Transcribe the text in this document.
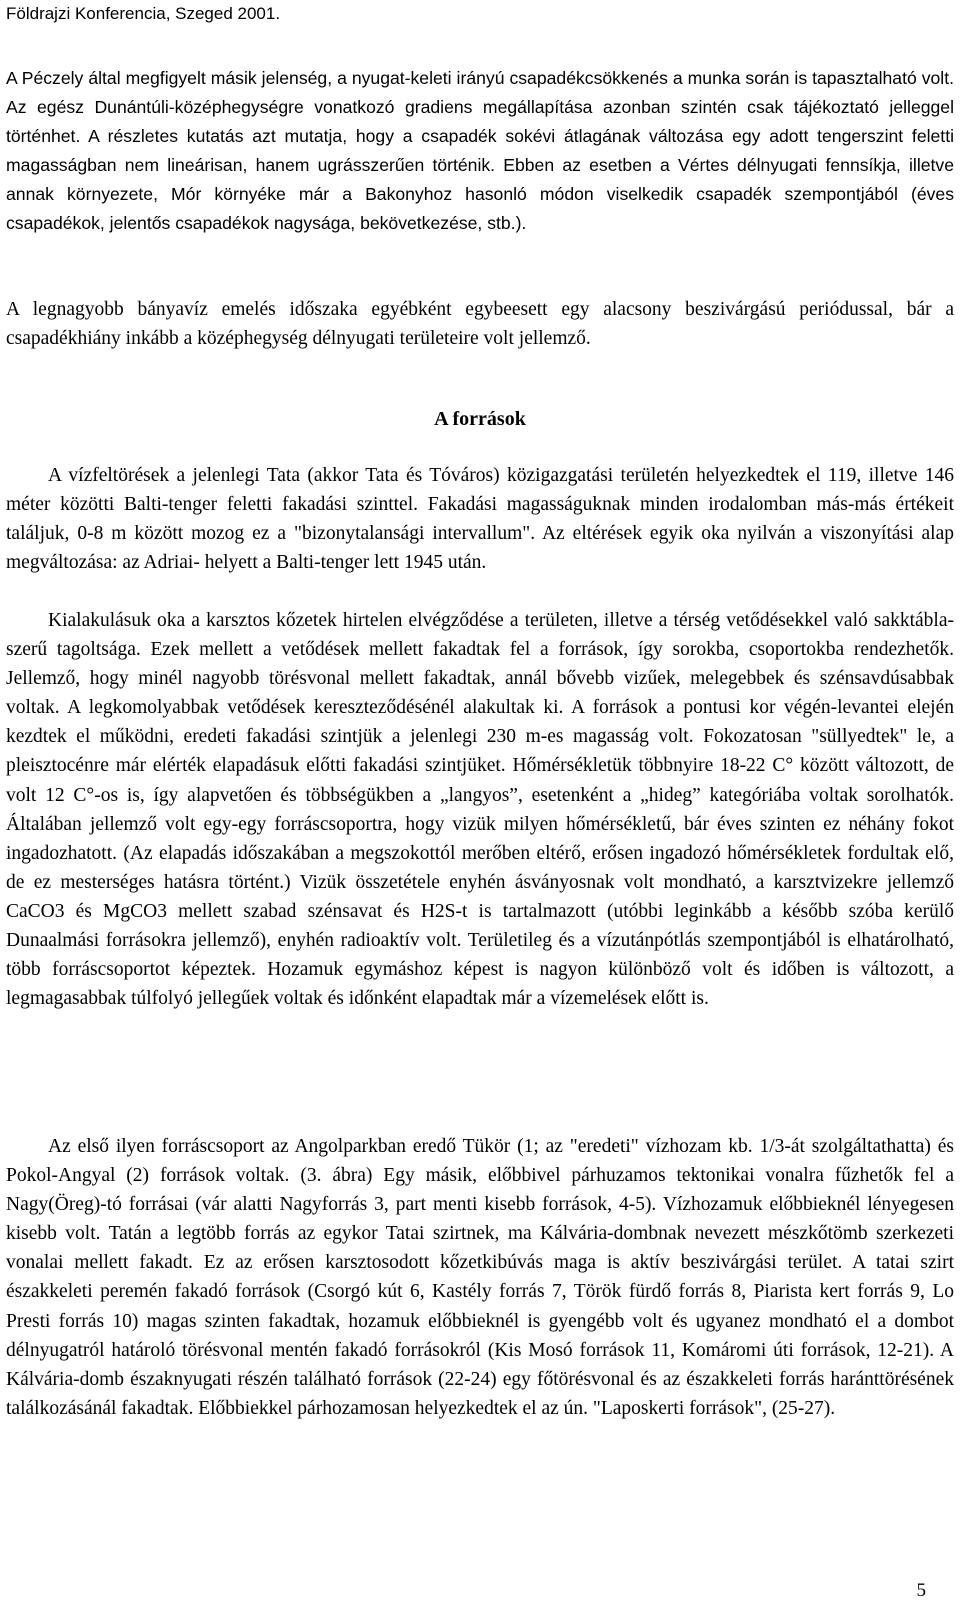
Földrajzi Konferencia, Szeged 2001.

A Péczely által megfigyelt másik jelenség, a nyugat-keleti irányú csapadékcsökkenés a munka során is tapasztalható volt. Az egész Dunántúli-középhegységre vonatkozó gradiens megállapítása azonban szintén csak tájékoztató jelleggel történhet. A részletes kutatás azt mutatja, hogy a csapadék sokévi átlagának változása egy adott tengerszint feletti magasságban nem lineárisan, hanem ugrásszerűen történik. Ebben az esetben a Vértes délnyugati fennsíkja, illetve annak környezete, Mór környéke már a Bakonyhoz hasonló módon viselkedik csapadék szempontjából (éves csapadékok, jelentős csapadékok nagysága, bekövetkezése, stb.).

A legnagyobb bányavíz emelés időszaka egyébként egybeesett egy alacsony beszivárgású periódussal, bár a csapadékhiány inkább a középhegység délnyugati területeire volt jellemző.

A források

A vízfeltörések a jelenlegi Tata (akkor Tata és Tóváros) közigazgatási területén helyezkedtek el 119, illetve 146 méter közötti Balti-tenger feletti fakadási szinttel. Fakadási magasságuknak minden irodalomban más-más értékeit találjuk, 0-8 m között mozog ez a "bizonytalansági intervallum". Az eltérések egyik oka nyilván a viszonyítási alap megváltozása: az Adriai- helyett a Balti-tenger lett 1945 után.

Kialakulásuk oka a karsztos kőzetek hirtelen elvégződése a területen, illetve a térség vetődésekkel való sakktábla-szerű tagoltsága. Ezek mellett a vetődések mellett fakadtak fel a források, így sorokba, csoportokba rendezhetők. Jellemző, hogy minél nagyobb törésvonal mellett fakadtak, annál bővebb vizűek, melegebbek és szénsavdúsabbak voltak. A legkomolyabbak vetődések kereszteződésénél alakultak ki. A források a pontusi kor végén-levantei elején kezdtek el működni, eredeti fakadási szintjük a jelenlegi 230 m-es magasság volt. Fokozatosan "süllyedtek" le, a pleisztocénre már elérték elapadásuk előtti fakadási szintjüket. Hőmérsékletük többnyire 18-22 C° között változott, de volt 12 C°-os is, így alapvetően és többségükben a „langyos”, esetenként a „hideg” kategóriába voltak sorolhatók. Általában jellemző volt egy-egy forráscsoportra, hogy vizük milyen hőmérsékletű, bár éves szinten ez néhány fokot ingadozhatott. (Az elapadás időszakában a megszokottól merőben eltérő, erősen ingadozó hőmérsékletek fordultak elő, de ez mesterséges hatásra történt.) Vizük összetétele enyhén ásványosnak volt mondható, a karsztvizekre jellemző CaCO3 és MgCO3 mellett szabad szénsavat és H2S-t is tartalmazott (utóbbi leginkább a később szóba kerülő Dunaalmási forrásokra jellemző), enyhén radioaktív volt. Területileg és a vízutánpótlás szempontjából is elhatárolható, több forráscsoportot képeztek. Hozamuk egymáshoz képest is nagyon különböző volt és időben is változott, a legmagasabbak túlfolyó jellegűek voltak és időnként elapadtak már a vízemelések előtt is.

Az első ilyen forráscsoport az Angolparkban eredő Tükör (1; az "eredeti" vízhozam kb. 1/3-át szolgáltathatta) és Pokol-Angyal (2) források voltak. (3. ábra) Egy másik, előbbivel párhuzamos tektonikai vonalra fűzhetők fel a Nagy(Öreg)-tó forrásai (vár alatti Nagyforrás 3, part menti kisebb források, 4-5). Vízhozamuk előbbieknél lényegesen kisebb volt. Tatán a legtöbb forrás az egykor Tatai szirtnek, ma Kálvária-dombnak nevezett mészkőtömb szerkezeti vonalai mellett fakadt. Ez az erősen karsztosodott kőzetkibúvás maga is aktív beszivárgási terület. A tatai szirt északkeleti peremén fakadó források (Csorgó kút 6, Kastély forrás 7, Török fürdő forrás 8, Piarista kert forrás 9, Lo Presti forrás 10) magas szinten fakadtak, hozamuk előbbieknél is gyengébb volt és ugyanez mondható el a dombot délnyugatról határoló törésvonal mentén fakadó forrásokról (Kis Mosó források 11, Komáromi úti források, 12-21). A Kálvária-domb északnyugati részén található források (22-24) egy főtörésvonal és az északkeleti forrás haránttörésének találkozásánál fakadtak. Előbbiekkel párhozamosan helyezkedtek el az ún. "Laposkerti források", (25-27).

5
